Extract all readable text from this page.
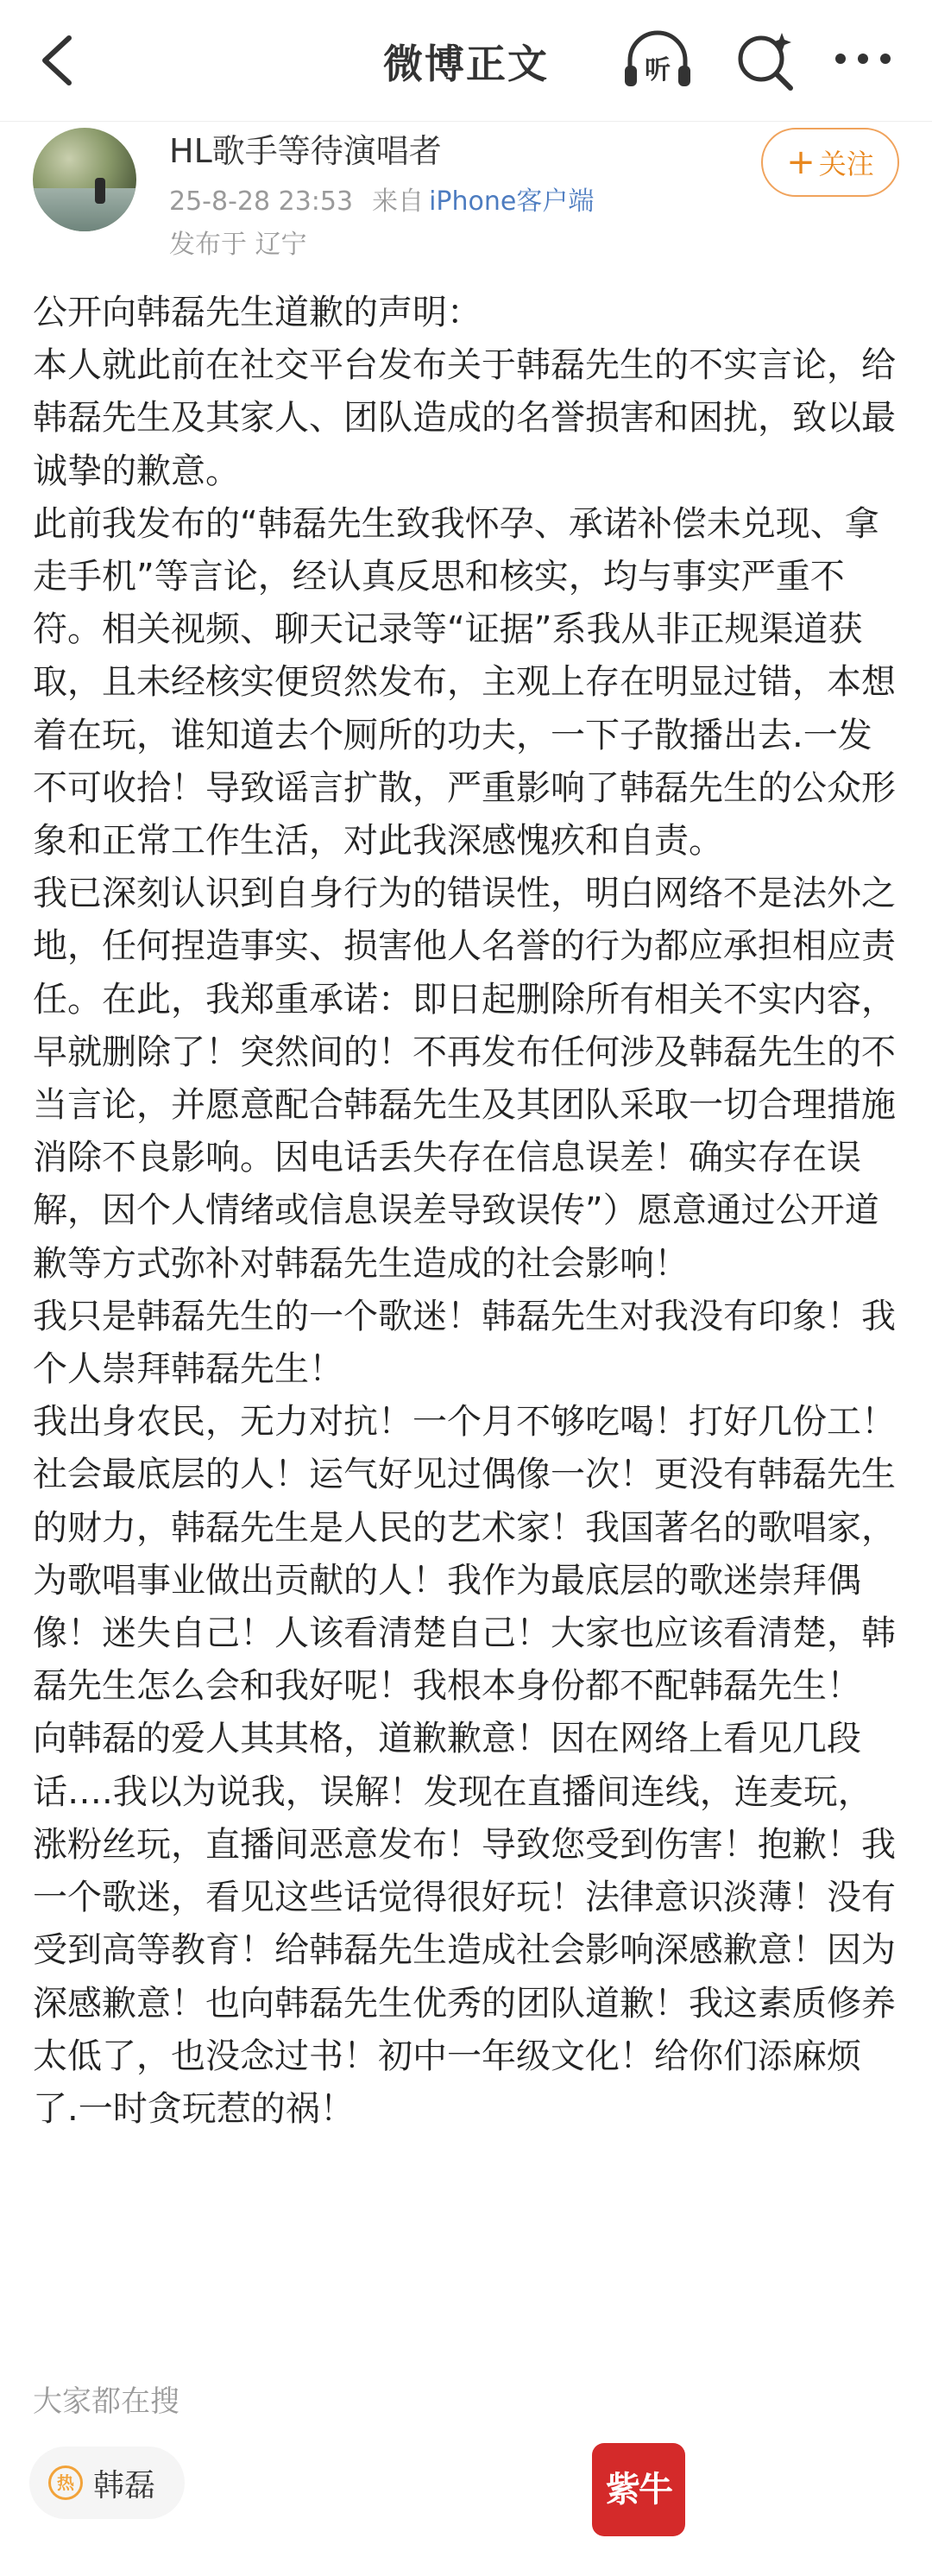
微博正文	听
HL歌手等待演唱者
25-8-28 23:53 来自 iPhone客户端
发布于 辽宁
+ 关注

公开向韩磊先生道歉的声明：

本人就此前在社交平台发布关于韩磊先生的不实言论，给韩磊先生及其家人、团队造成的名誉损害和困扰，致以最诚挚的歉意。

此前我发布的“韩磊先生致我怀孕、承诺补偿未兑现、拿走手机”等言论，经认真反思和核实，均与事实严重不符。相关视频、聊天记录等“证据”系我从非正规渠道获取，且未经核实便贸然发布，主观上存在明显过错，本想着在玩，谁知道去个厕所的功夫，一下子散播出去.一发不可收拾！导致谣言扩散，严重影响了韩磊先生的公众形象和正常工作生活，对此我深感愧疚和自责。

我已深刻认识到自身行为的错误性，明白网络不是法外之地，任何捏造事实、损害他人名誉的行为都应承担相应责任。在此，我郑重承诺：即日起删除所有相关不实内容，早就删除了！突然间的！不再发布任何涉及韩磊先生的不当言论，并愿意配合韩磊先生及其团队采取一切合理措施消除不良影响。因电话丢失存在信息误差！确实存在误解，因个人情绪或信息误差导致误传”）愿意通过公开道歉等方式弥补对韩磊先生造成的社会影响！

我只是韩磊先生的一个歌迷！韩磊先生对我没有印象！我个人崇拜韩磊先生！

我出身农民，无力对抗！一个月不够吃喝！打好几份工！社会最底层的人！运气好见过偶像一次！更没有韩磊先生的财力，韩磊先生是人民的艺术家！我国著名的歌唱家，为歌唱事业做出贡献的人！我作为最底层的歌迷崇拜偶像！迷失自己！人该看清楚自己！大家也应该看清楚，韩磊先生怎么会和我好呢！我根本身份都不配韩磊先生！

向韩磊的爱人其其格，道歉歉意！因在网络上看见几段话….我以为说我，误解！发现在直播间连线，连麦玩，涨粉丝玩，直播间恶意发布！导致您受到伤害！抱歉！我一个歌迷，看见这些话觉得很好玩！法律意识淡薄！没有受到高等教育！给韩磊先生造成社会影响深感歉意！因为深感歉意！也向韩磊先生优秀的团队道歉！我这素质修养太低了，也没念过书！初中一年级文化！给你们添麻烦了.一时贪玩惹的祸！

大家都在搜
热 韩磊	紫牛
